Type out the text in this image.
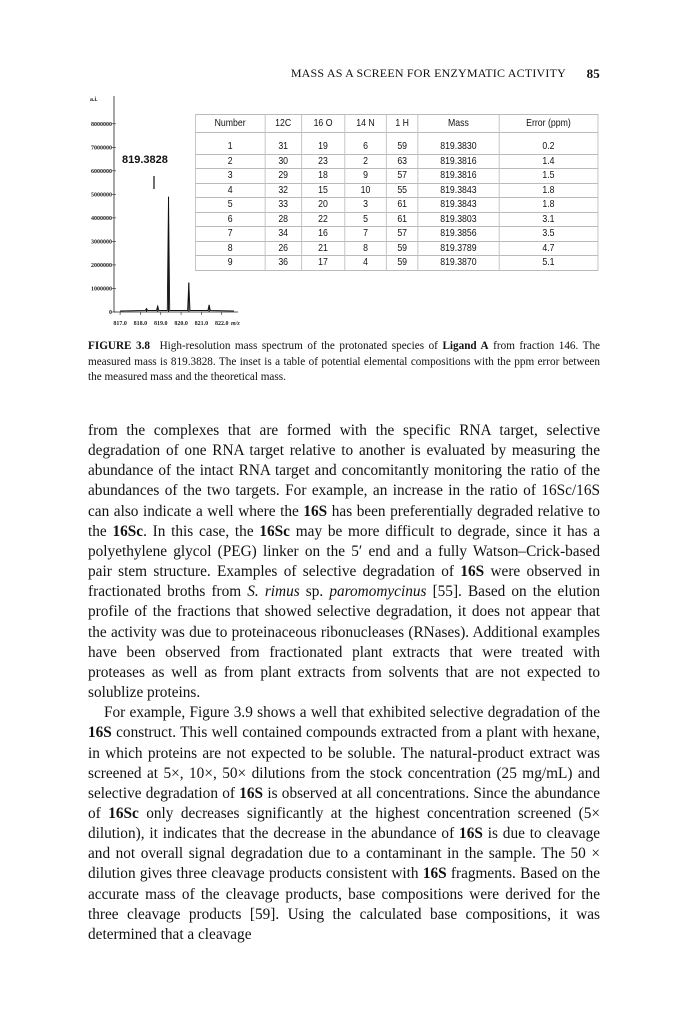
MASS AS A SCREEN FOR ENZYMATIC ACTIVITY 85
a.i.
0
1000000
2000000
3000000
4000000
5000000
6000000
7000000
8000000
817.0 818.0 819.0 820.0 821.0 822.0
819.3828
m/z
Number	12C	16 O	14 N	1 H	Mass	Error (ppm)
1	31	19	6	59	819.3830	0.2
2	30	23	2	63	819.3816	1.4
3	29	18	9	57	819.3816	1.5
4	32	15	10	55	819.3843	1.8
5	33	20	3	61	819.3843	1.8
6	28	22	5	61	819.3803	3.1
7	34	16	7	57	819.3856	3.5
8	26	21	8	59	819.3789	4.7
9	36	17	4	59	819.3870	5.1
FIGURE 3.8 High-resolution mass spectrum of the protonated species of Ligand A from fraction 146. The measured mass is 819.3828. The inset is a table of potential elemental compositions with the ppm error between the measured mass and the theoretical mass.

from the complexes that are formed with the specific RNA target, selective degradation of one RNA target relative to another is evaluated by measuring the abundance of the intact RNA target and concomitantly monitoring the ratio of the abundances of the two targets. For example, an increase in the ratio of 16Sc/16S can also indicate a well where the 16S has been preferentially degraded relative to the 16Sc. In this case, the 16Sc may be more difficult to degrade, since it has a polyethylene glycol (PEG) linker on the 5′ end and a fully Watson–Crick-based pair stem structure. Examples of selective degradation of 16S were observed in fractionated broths from S. rimus sp. paromomycinus [55]. Based on the elution profile of the fractions that showed selective degradation, it does not appear that the activity was due to proteinaceous ribonucleases (RNases). Additional examples have been observed from fractionated plant extracts that were treated with proteases as well as from plant extracts from solvents that are not expected to solublize proteins.

For example, Figure 3.9 shows a well that exhibited selective degradation of the 16S construct. This well contained compounds extracted from a plant with hexane, in which proteins are not expected to be soluble. The natural-product extract was screened at 5×, 10×, 50× dilutions from the stock concentration (25 mg/mL) and selective degradation of 16S is observed at all concentrations. Since the abundance of 16Sc only decreases significantly at the highest concentration screened (5× dilution), it indicates that the decrease in the abundance of 16S is due to cleavage and not overall signal degradation due to a contaminant in the sample. The 50 × dilution gives three cleavage products consistent with 16S fragments. Based on the accurate mass of the cleavage products, base compositions were derived for the three cleavage products [59]. Using the calculated base compositions, it was determined that a cleavage
